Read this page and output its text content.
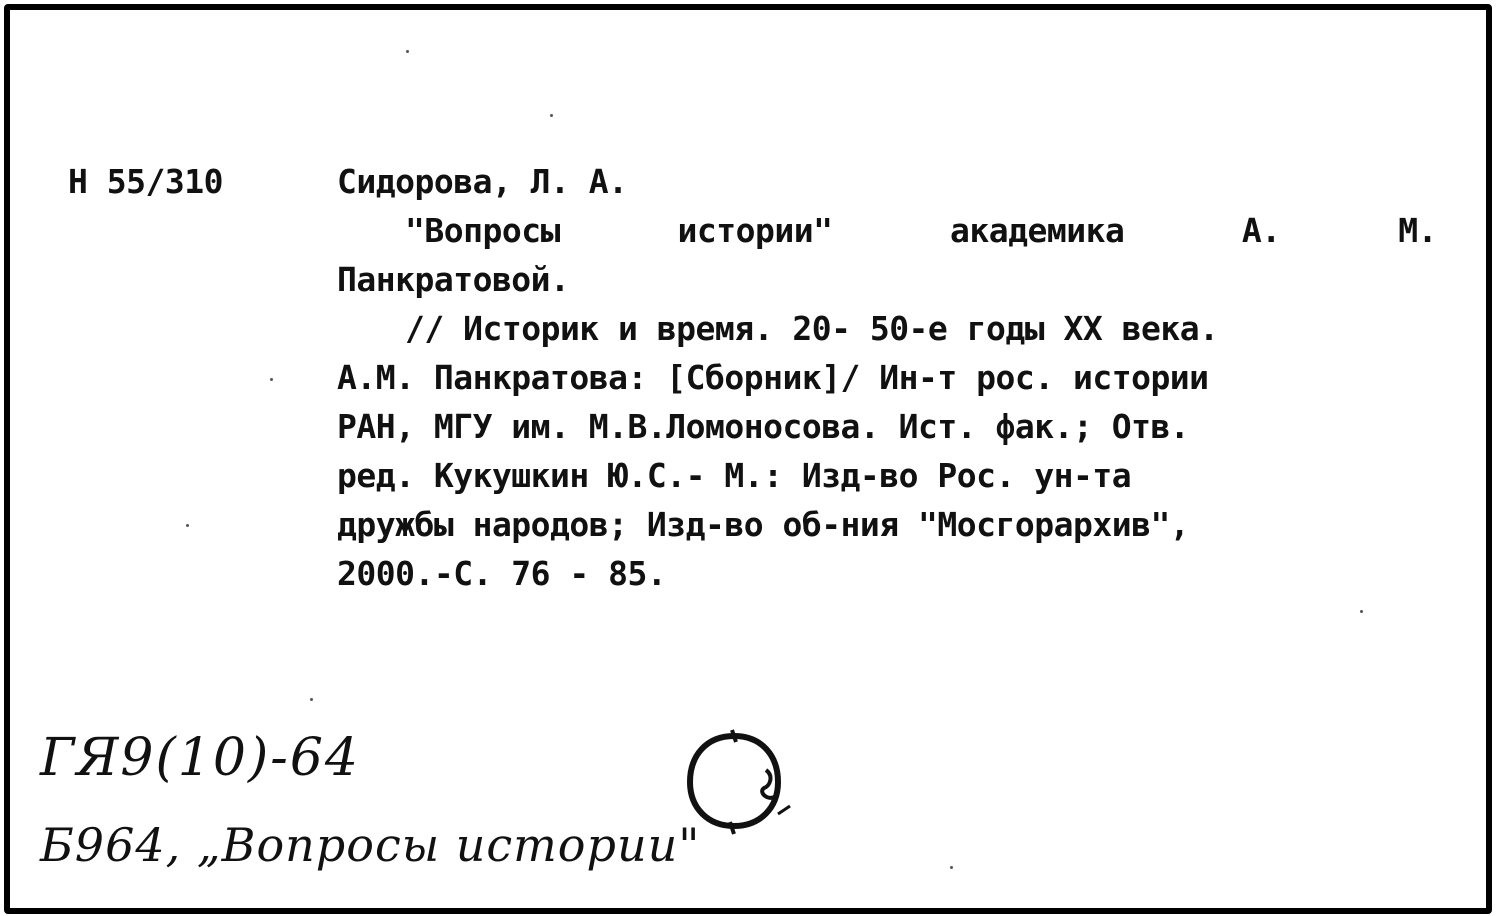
Н 55/310	Сидорова, Л. А.
"Вопросы	истории"	академика	А.	М.
Панкратовой.
// Историк и время. 20- 50-е годы XX века.
А.М. Панкратова: [Сборник]/ Ин-т рос. истории
РАН, МГУ им. М.В.Ломоносова. Ист. фак.; Отв.
ред. Кукушкин Ю.С.- М.: Изд-во Рос. ун-та
дружбы народов; Изд-во об-ния "Мосгорархив",
2000.-С. 76 - 85.
ГЯ9(10)-64
Б964, „Вопросы истории"
